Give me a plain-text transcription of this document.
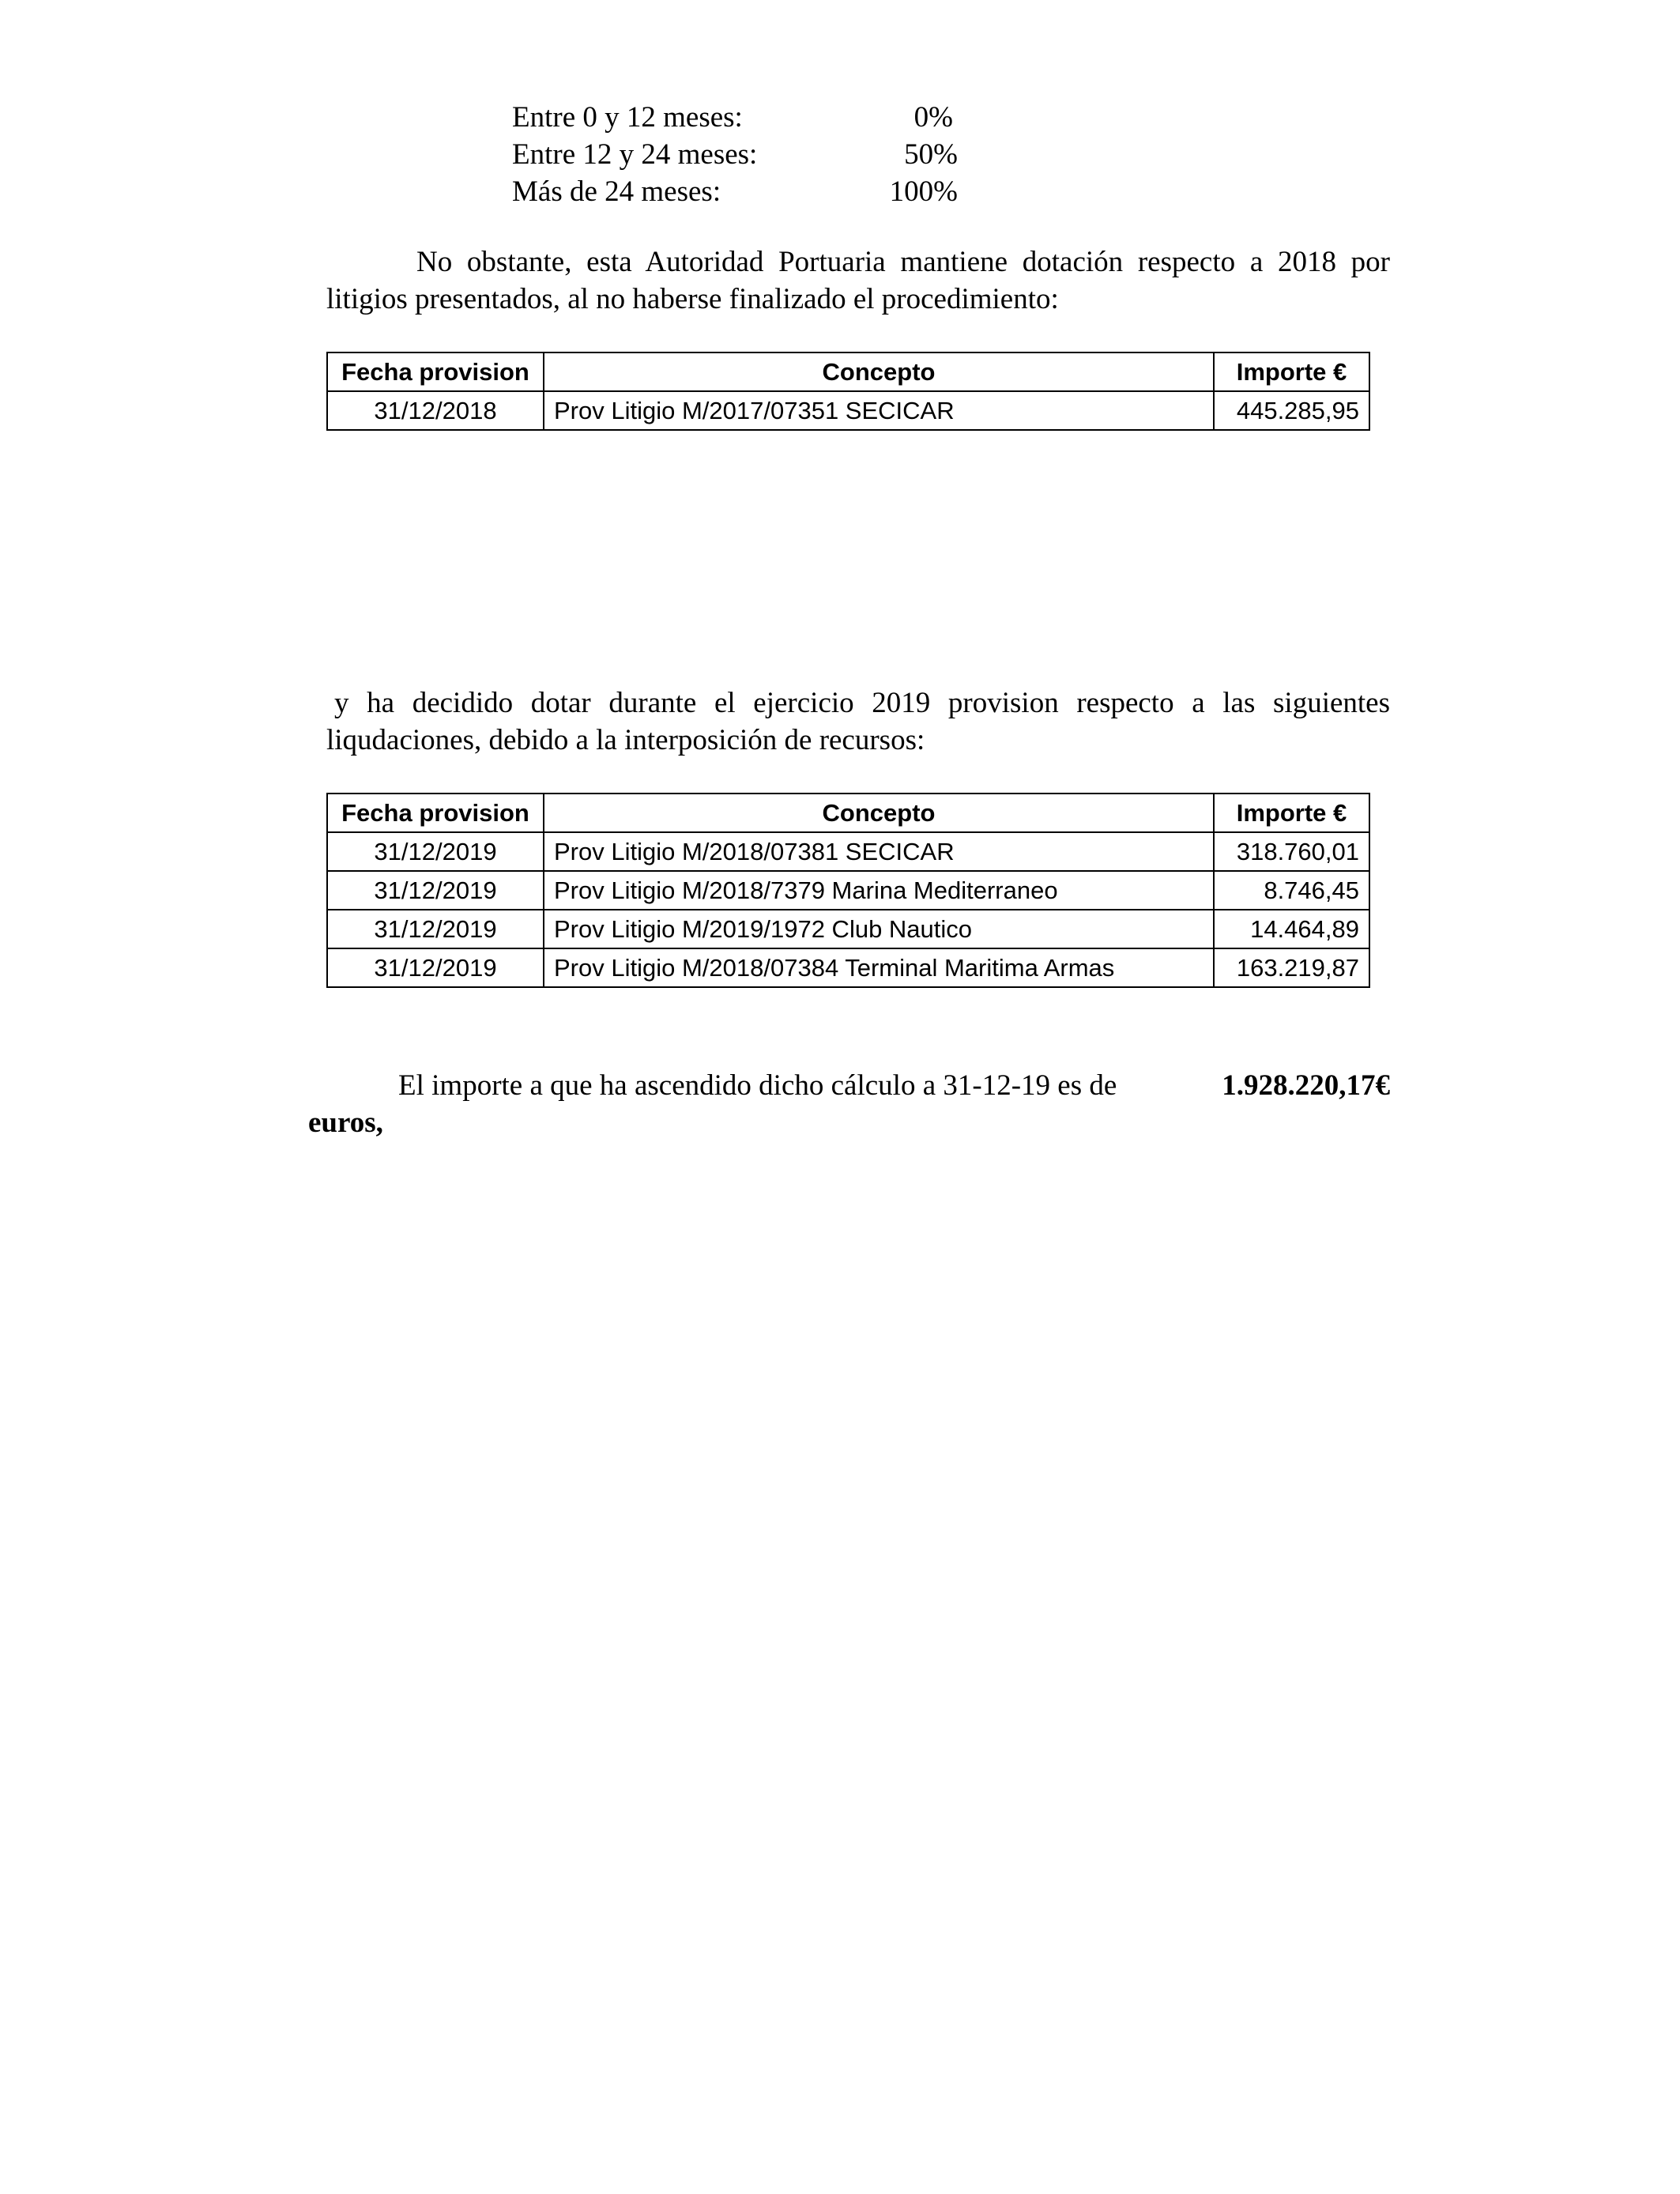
Entre 0 y 12 meses:	0%
Entre 12 y 24 meses:	50%
Más de 24 meses:	100%
No obstante, esta Autoridad Portuaria mantiene dotación respecto a 2018 por
litigios presentados, al no haberse finalizado el procedimiento:
Fecha provision	Concepto	Importe €
31/12/2018	Prov Litigio M/2017/07351 SECICAR	445.285,95
y ha decidido dotar durante el ejercicio 2019 provision respecto a las siguientes
liqudaciones, debido a la interposición de recursos:
Fecha provision	Concepto	Importe €
31/12/2019	Prov Litigio M/2018/07381 SECICAR	318.760,01
31/12/2019	Prov Litigio M/2018/7379 Marina Mediterraneo	8.746,45
31/12/2019	Prov Litigio M/2019/1972 Club Nautico	14.464,89
31/12/2019	Prov Litigio M/2018/07384 Terminal Maritima Armas	163.219,87
El importe a que ha ascendido dicho cálculo a 31-12-19 es de	1.928.220,17€
euros,
